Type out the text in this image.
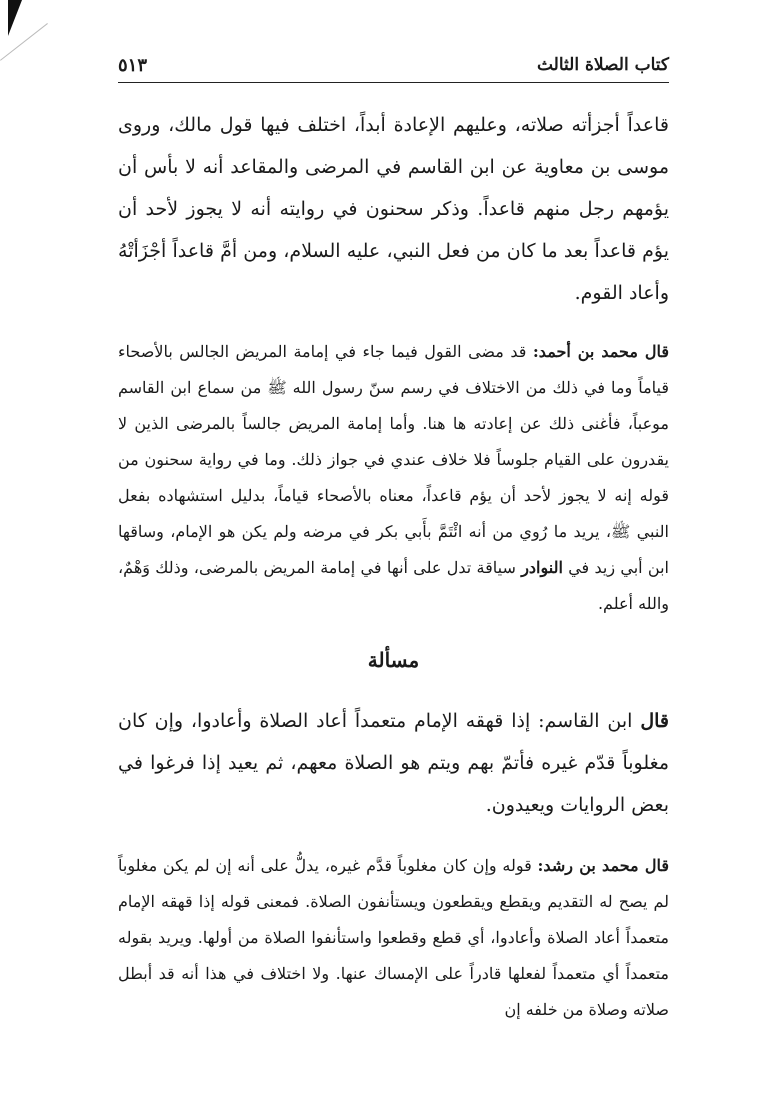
كتاب الصلاة الثالث
٥١٣

قاعداً أجزأته صلاته، وعليهم الإعادة أبداً، اختلف فيها قول مالك، وروى موسى بن معاوية عن ابن القاسم في المرضى والمقاعد أنه لا بأس أن يؤمهم رجل منهم قاعداً. وذكر سحنون في روايته أنه لا يجوز لأحد أن يؤم قاعداً بعد ما كان من فعل النبي، عليه السلام، ومن أمَّ قاعداً أجْزَأتْهُ وأعاد القوم.

قال محمد بن أحمد: قد مضى القول فيما جاء في إمامة المريض الجالس بالأصحاء قياماً وما في ذلك من الاختلاف في رسم سنّ رسول الله ﷺ من سماع ابن القاسم موعباً، فأغنى ذلك عن إعادته ها هنا. وأما إمامة المريض جالساً بالمرضى الذين لا يقدرون على القيام جلوساً فلا خلاف عندي في جواز ذلك. وما في رواية سحنون من قوله إنه لا يجوز لأحد أن يؤم قاعداً، معناه بالأصحاء قياماً، بدليل استشهاده بفعل النبي ﷺ، يريد ما رُوي من أنه ائْتَمَّ بأَبي بكر في مرضه ولم يكن هو الإمام، وساقها ابن أبي زيد في النوادر سياقة تدل على أنها في إمامة المريض بالمرضى، وذلك وَهْمٌ، والله أعلم.

مسألة

قال ابن القاسم: إذا قهقه الإمام متعمداً أعاد الصلاة وأعادوا، وإن كان مغلوباً قدّم غيره فأتمّ بهم ويتم هو الصلاة معهم، ثم يعيد إذا فرغوا في بعض الروايات ويعيدون.

قال محمد بن رشد: قوله وإن كان مغلوباً قدَّم غيره، يدلُّ على أنه إن لم يكن مغلوباً لم يصح له التقديم ويقطع ويقطعون ويستأنفون الصلاة. فمعنى قوله إذا قهقه الإمام متعمداً أعاد الصلاة وأعادوا، أي قطع وقطعوا واستأنفوا الصلاة من أولها. ويريد بقوله متعمداً أي متعمداً لفعلها قادراً على الإمساك عنها. ولا اختلاف في هذا أنه قد أبطل صلاته وصلاة من خلفه إن
